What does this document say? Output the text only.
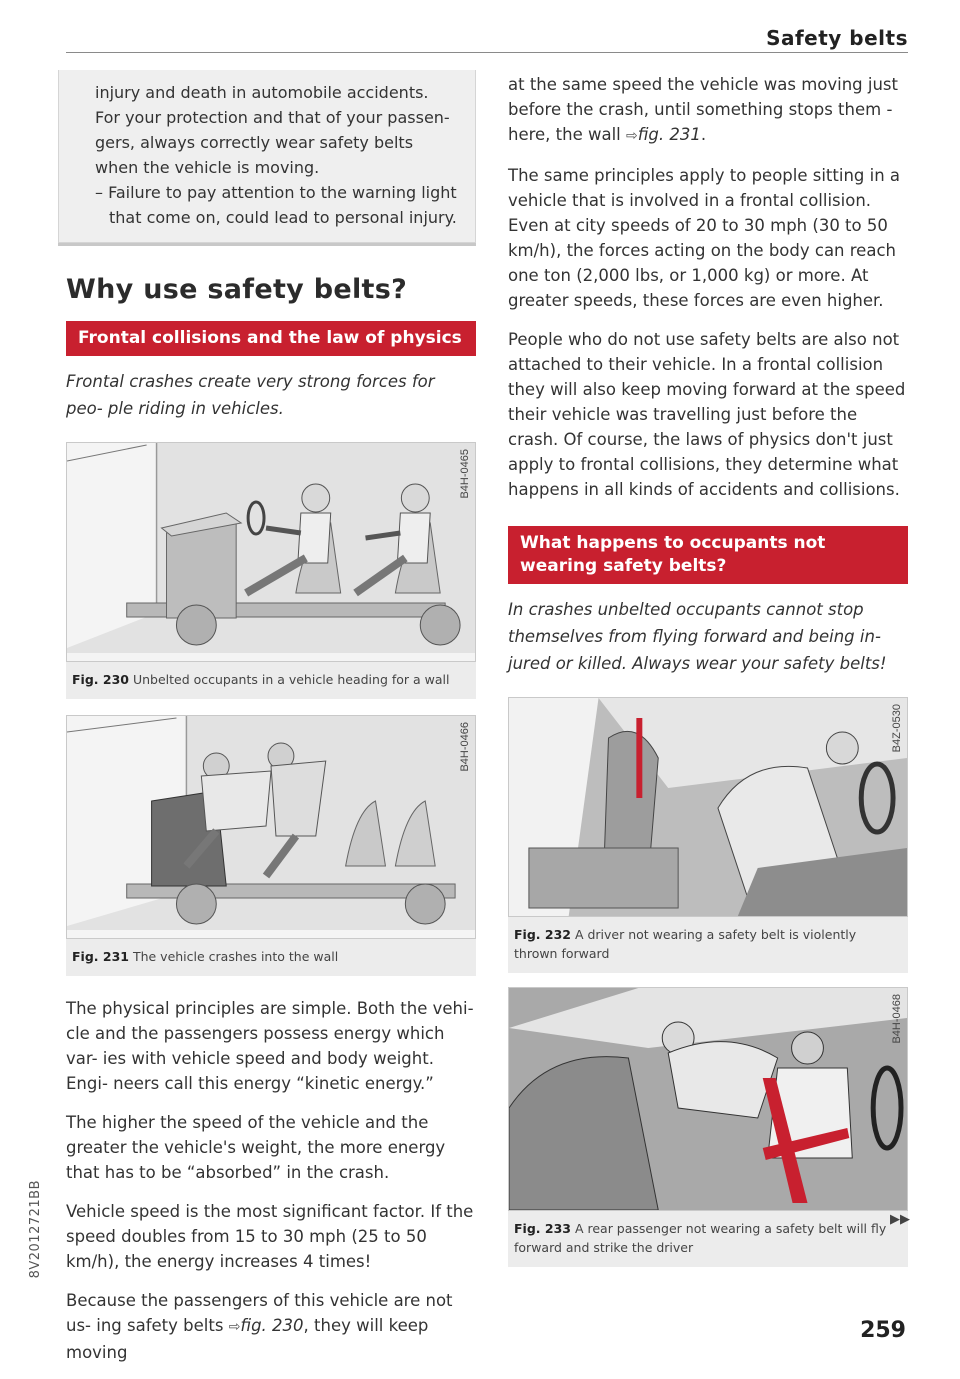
Safety belts

injury and death in automobile accidents.

For your protection and that of your passen-

gers, always correctly wear safety belts

when the vehicle is moving.

– Failure to pay attention to the warning light that come on, could lead to personal injury.

Why use safety belts?
Frontal collisions and the law of physics
Frontal crashes create very strong forces for peo- ple riding in vehicles.
B4H-0465
Fig. 230 Unbelted occupants in a vehicle heading for a wall
B4H-0466
Fig. 231 The vehicle crashes into the wall

The physical principles are simple. Both the vehi- cle and the passengers possess energy which var- ies with vehicle speed and body weight. Engi- neers call this energy “kinetic energy.”

The higher the speed of the vehicle and the greater the vehicle's weight, the more energy that has to be “absorbed” in the crash.

Vehicle speed is the most significant factor. If the speed doubles from 15 to 30 mph (25 to 50 km/h), the energy increases 4 times!

Because the passengers of this vehicle are not us- ing safety belts ⇨fig. 230, they will keep moving

at the same speed the vehicle was moving just before the crash, until something stops them - here, the wall ⇨fig. 231.

The same principles apply to people sitting in a vehicle that is involved in a frontal collision. Even at city speeds of 20 to 30 mph (30 to 50 km/h), the forces acting on the body can reach one ton (2,000 lbs, or 1,000 kg) or more. At greater speeds, these forces are even higher.

People who do not use safety belts are also not attached to their vehicle. In a frontal collision they will also keep moving forward at the speed their vehicle was travelling just before the crash. Of course, the laws of physics don't just apply to frontal collisions, they determine what happens in all kinds of accidents and collisions.

What happens to occupants not wearing safety belts?
In crashes unbelted occupants cannot stop themselves from flying forward and being in- jured or killed. Always wear your safety belts!
B4Z-0530
Fig. 232 A driver not wearing a safety belt is violently thrown forward
B4H-0468
Fig. 233 A rear passenger not wearing a safety belt will fly forward and strike the driver
▶▶
259
8V2012721BB
